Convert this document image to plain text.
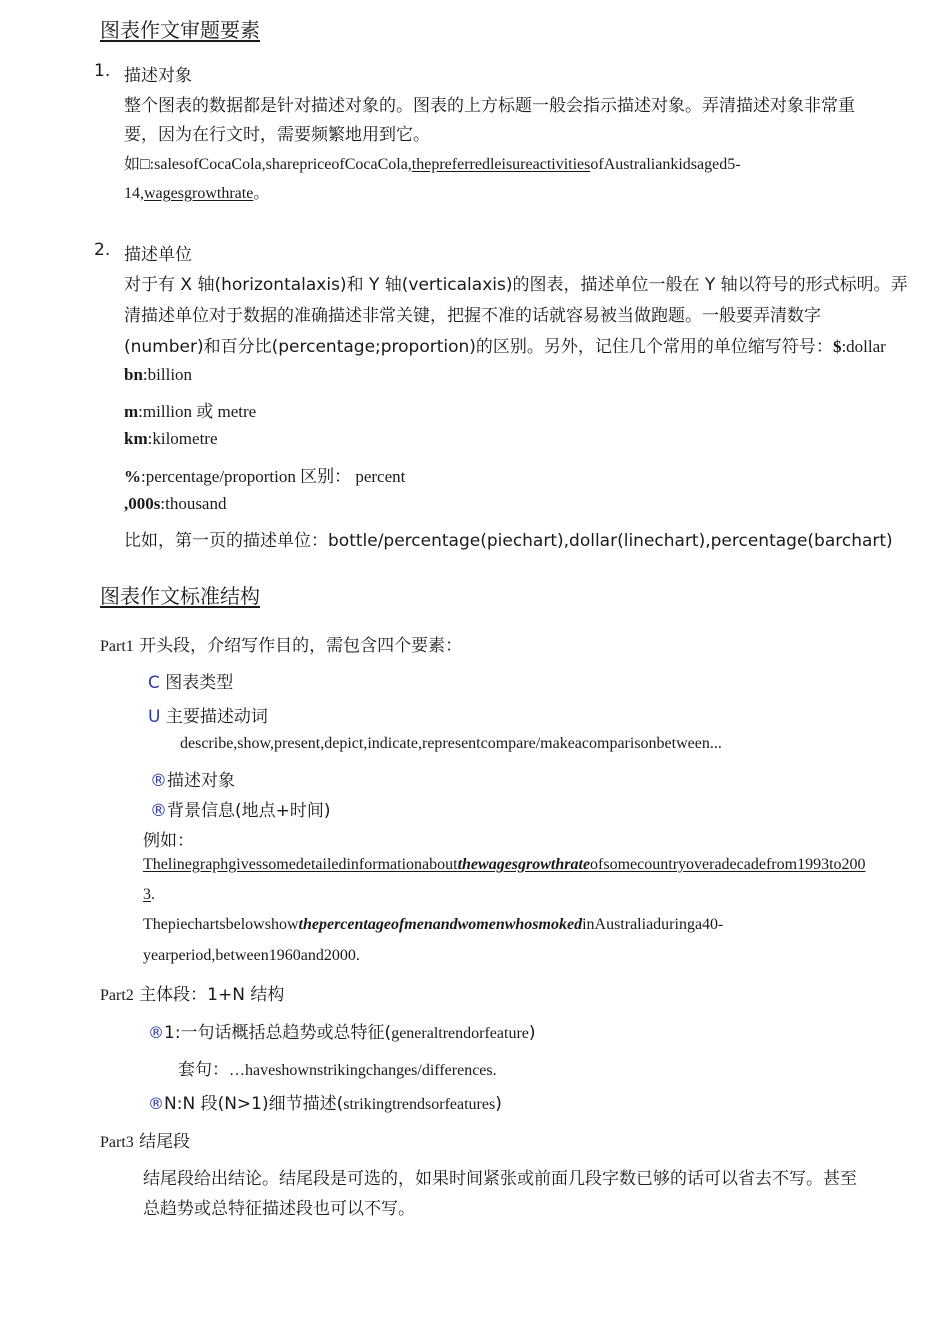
图表作文审题要素
1. 描述对象
整个图表的数据都是针对描述对象的。图表的上方标题一般会指示描述对象。弄清描述对象非常重
要，因为在行文时，需要频繁地用到它。
如□:salesofCocaCola,sharepriceofCocaCola,thepreferredleisureactivitiesofAustraliankidsaged5-
14,wagesgrowthrate。
2. 描述单位
对于有 X 轴(horizontalaxis)和 Y 轴(verticalaxis)的图表，描述单位一般在 Y 轴以符号的形式标明。弄
清描述单位对于数据的准确描述非常关键，把握不准的话就容易被当做跑题。一般要弄清数字
(number)和百分比(percentage;proportion)的区别。另外，记住几个常用的单位缩写符号：$:dollar
bn:billion
m:million 或 metre
km:kilometre
%:percentage/proportion 区别： percent
,000s:thousand
比如，第一页的描述单位：bottle/percentage(piechart),dollar(linechart),percentage(barchart)
图表作文标准结构
Part1 开头段，介绍写作目的，需包含四个要素：
C 图表类型
U 主要描述动词
describe,show,present,depict,indicate,representcompare/makeacomparisonbetween...
®描述对象
®背景信息(地点+时间)
例如：
Thelinegraphgivessomedetailedinformationaboutthewagesgrowthrateofsomecountryoveradecadefrom1993to200
3.
ThepiechartsbelowshowthepercentageofmenandwomenwhosmokedinAustraliaduringa40-
yearperiod,between1960and2000.
Part2 主体段：1+N 结构
®1:一句话概括总趋势或总特征(generaltrendorfeature)
套句：…haveshownstrikingchanges/differences.
®N:N 段(N>1)细节描述(strikingtrendsorfeatures)
Part3 结尾段
结尾段给出结论。结尾段是可选的，如果时间紧张或前面几段字数已够的话可以省去不写。甚至
总趋势或总特征描述段也可以不写。
